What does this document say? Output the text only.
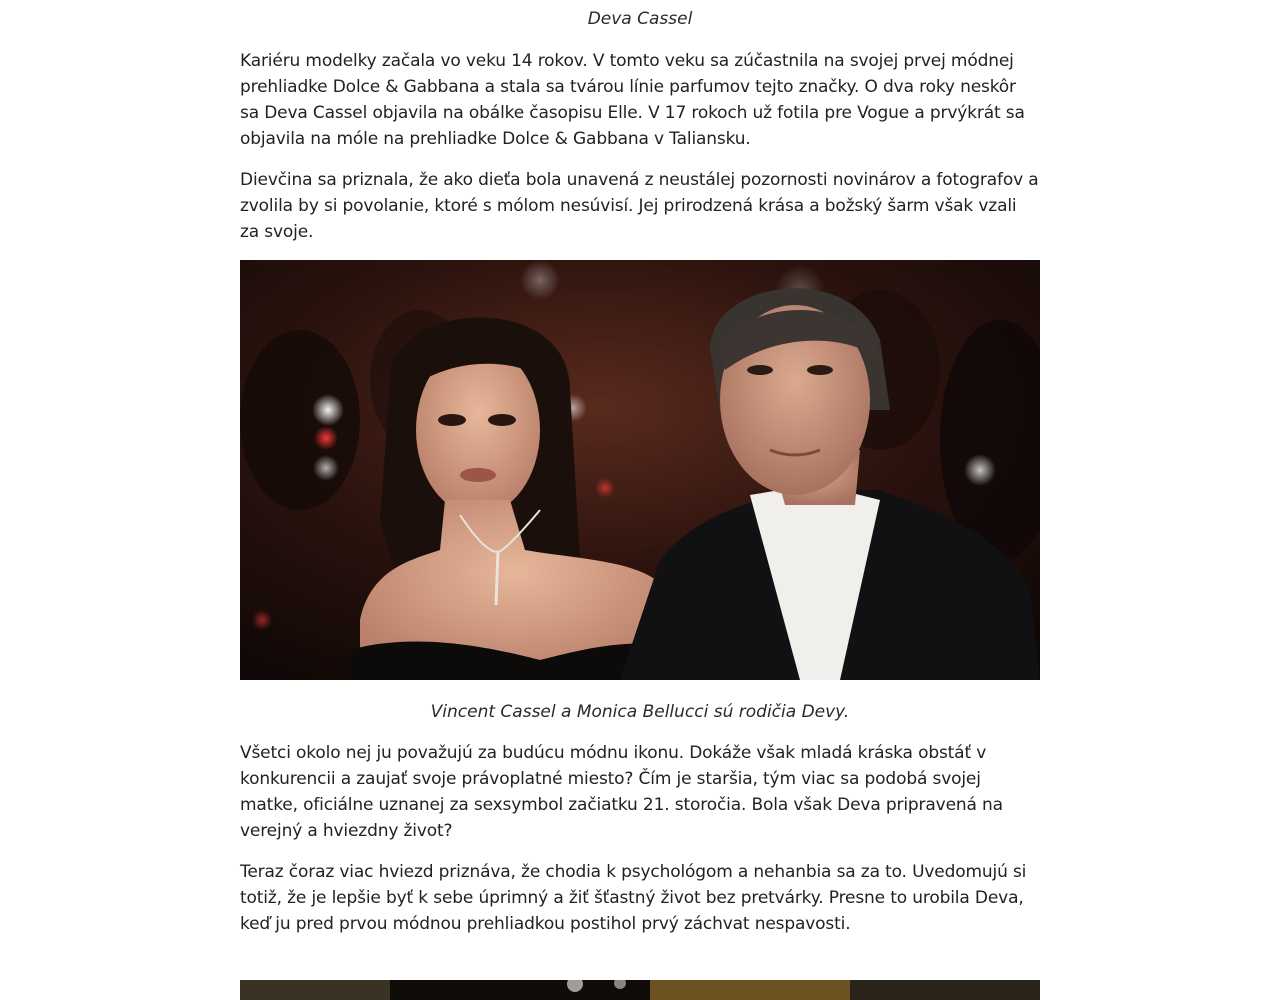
Deva Cassel

Kariéru modelky začala vo veku 14 rokov. V tomto veku sa zúčastnila na svojej prvej módnej prehliadke Dolce & Gabbana a stala sa tvárou línie parfumov tejto značky. O dva roky neskôr sa Deva Cassel objavila na obálke časopisu Elle. V 17 rokoch už fotila pre Vogue a prvýkrát sa objavila na móle na prehliadke Dolce & Gabbana v Taliansku.

Dievčina sa priznala, že ako dieťa bola unavená z neustálej pozornosti novinárov a fotografov a zvolila by si povolanie, ktoré s mólom nesúvisí. Jej prirodzená krása a božský šarm však vzali za svoje.

Vincent Cassel a Monica Bellucci sú rodičia Devy.

Všetci okolo nej ju považujú za budúcu módnu ikonu. Dokáže však mladá kráska obstáť v konkurencii a zaujať svoje právoplatné miesto? Čím je staršia, tým viac sa podobá svojej matke, oficiálne uznanej za sexsymbol začiatku 21. storočia. Bola však Deva pripravená na verejný a hviezdny život?

Teraz čoraz viac hviezd priznáva, že chodia k psychológom a nehanbia sa za to. Uvedomujú si totiž, že je lepšie byť k sebe úprimný a žiť šťastný život bez pretvárky. Presne to urobila Deva, keď ju pred prvou módnou prehliadkou postihol prvý záchvat nespavosti.
